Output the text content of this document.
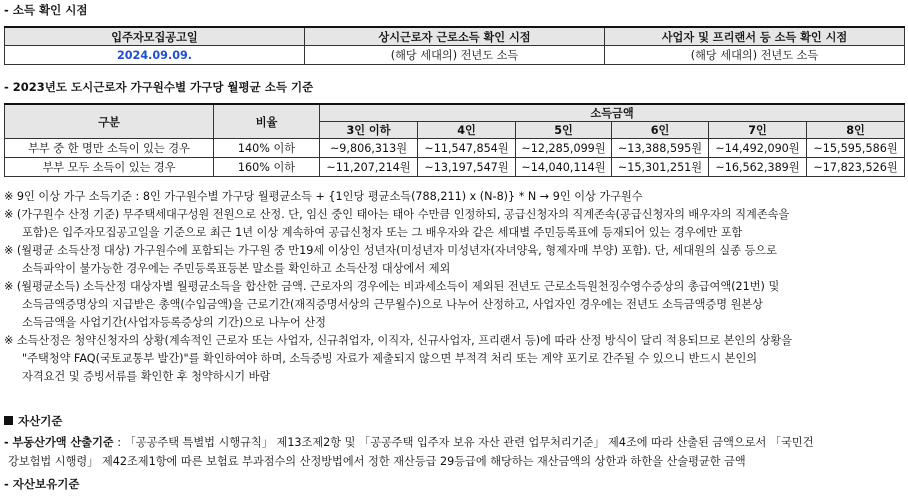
- 소득 확인 시점
입주자모집공고일	상시근로자 근로소득 확인 시점	사업자 및 프리랜서 등 소득 확인 시점
2024.09.09.	(해당 세대의) 전년도 소득	(해당 세대의) 전년도 소득
- 2023년도 도시근로자 가구원수별 가구당 월평균 소득 기준
구분	비율	소득금액					
		3인 이하	4인	5인	6인	7인	8인
부부 중 한 명만 소득이 있는 경우	140% 이하	~9,806,313원	~11,547,854원	~12,285,099원	~13,388,595원	~14,492,090원	~15,595,586원
부부 모두 소득이 있는 경우	160% 이하	~11,207,214원	~13,197,547원	~14,040,114원	~15,301,251원	~16,562,389원	~17,823,526원
※ 9인 이상 가구 소득기준 : 8인 가구원수별 가구당 월평균소득 + {1인당 평균소득(788,211) x (N-8)} * N → 9인 이상 가구원수
※ (가구원수 산정 기준) 무주택세대구성원 전원으로 산정. 단, 임신 중인 태아는 태아 수만큼 인정하되, 공급신청자의 직계존속(공급신청자의 배우자의 직계존속을
포함)은 입주자모집공고일을 기준으로 최근 1년 이상 계속하여 공급신청자 또는 그 배우자와 같은 세대별 주민등록표에 등재되어 있는 경우에만 포함
※ (월평균 소득산정 대상) 가구원수에 포함되는 가구원 중 만19세 이상인 성년자(미성년자 미성년자(자녀양육, 형제자매 부양) 포함). 단, 세대원의 실종 등으로
소득파악이 불가능한 경우에는 주민등록표등본 말소를 확인하고 소득산정 대상에서 제외
※ (월평균소득) 소득산정 대상자별 월평균소득을 합산한 금액. 근로자의 경우에는 비과세소득이 제외된 전년도 근로소득원천징수영수증상의 총급여액(21번) 및
소득금액증명상의 지급받은 총액(수입금액)을 근로기간(재직증명서상의 근무월수)으로 나누어 산정하고, 사업자인 경우에는 전년도 소득금액증명 원본상
소득금액을 사업기간(사업자등록증상의 기간)으로 나누어 산정
※ 소득산정은 청약신청자의 상황(계속적인 근로자 또는 사업자, 신규취업자, 이직자, 신규사업자, 프리랜서 등)에 따라 산정 방식이 달리 적용되므로 본인의 상황을
"주택청약 FAQ(국토교통부 발간)"를 확인하여야 하며, 소득증빙 자료가 제출되지 않으면 부적격 처리 또는 계약 포기로 간주될 수 있으니 반드시 본인의
자격요건 및 증빙서류를 확인한 후 청약하시기 바람
자산기준
- 부동산가액 산출기준 : 「공공주택 특별법 시행규칙」 제13조제2항 및 「공공주택 입주자 보유 자산 관련 업무처리기준」 제4조에 따라 산출된 금액으로서 「국민건
강보험법 시행령」 제42조제1항에 따른 보험료 부과점수의 산정방법에서 정한 재산등급 29등급에 해당하는 재산금액의 상한과 하한을 산술평균한 금액
- 자산보유기준
